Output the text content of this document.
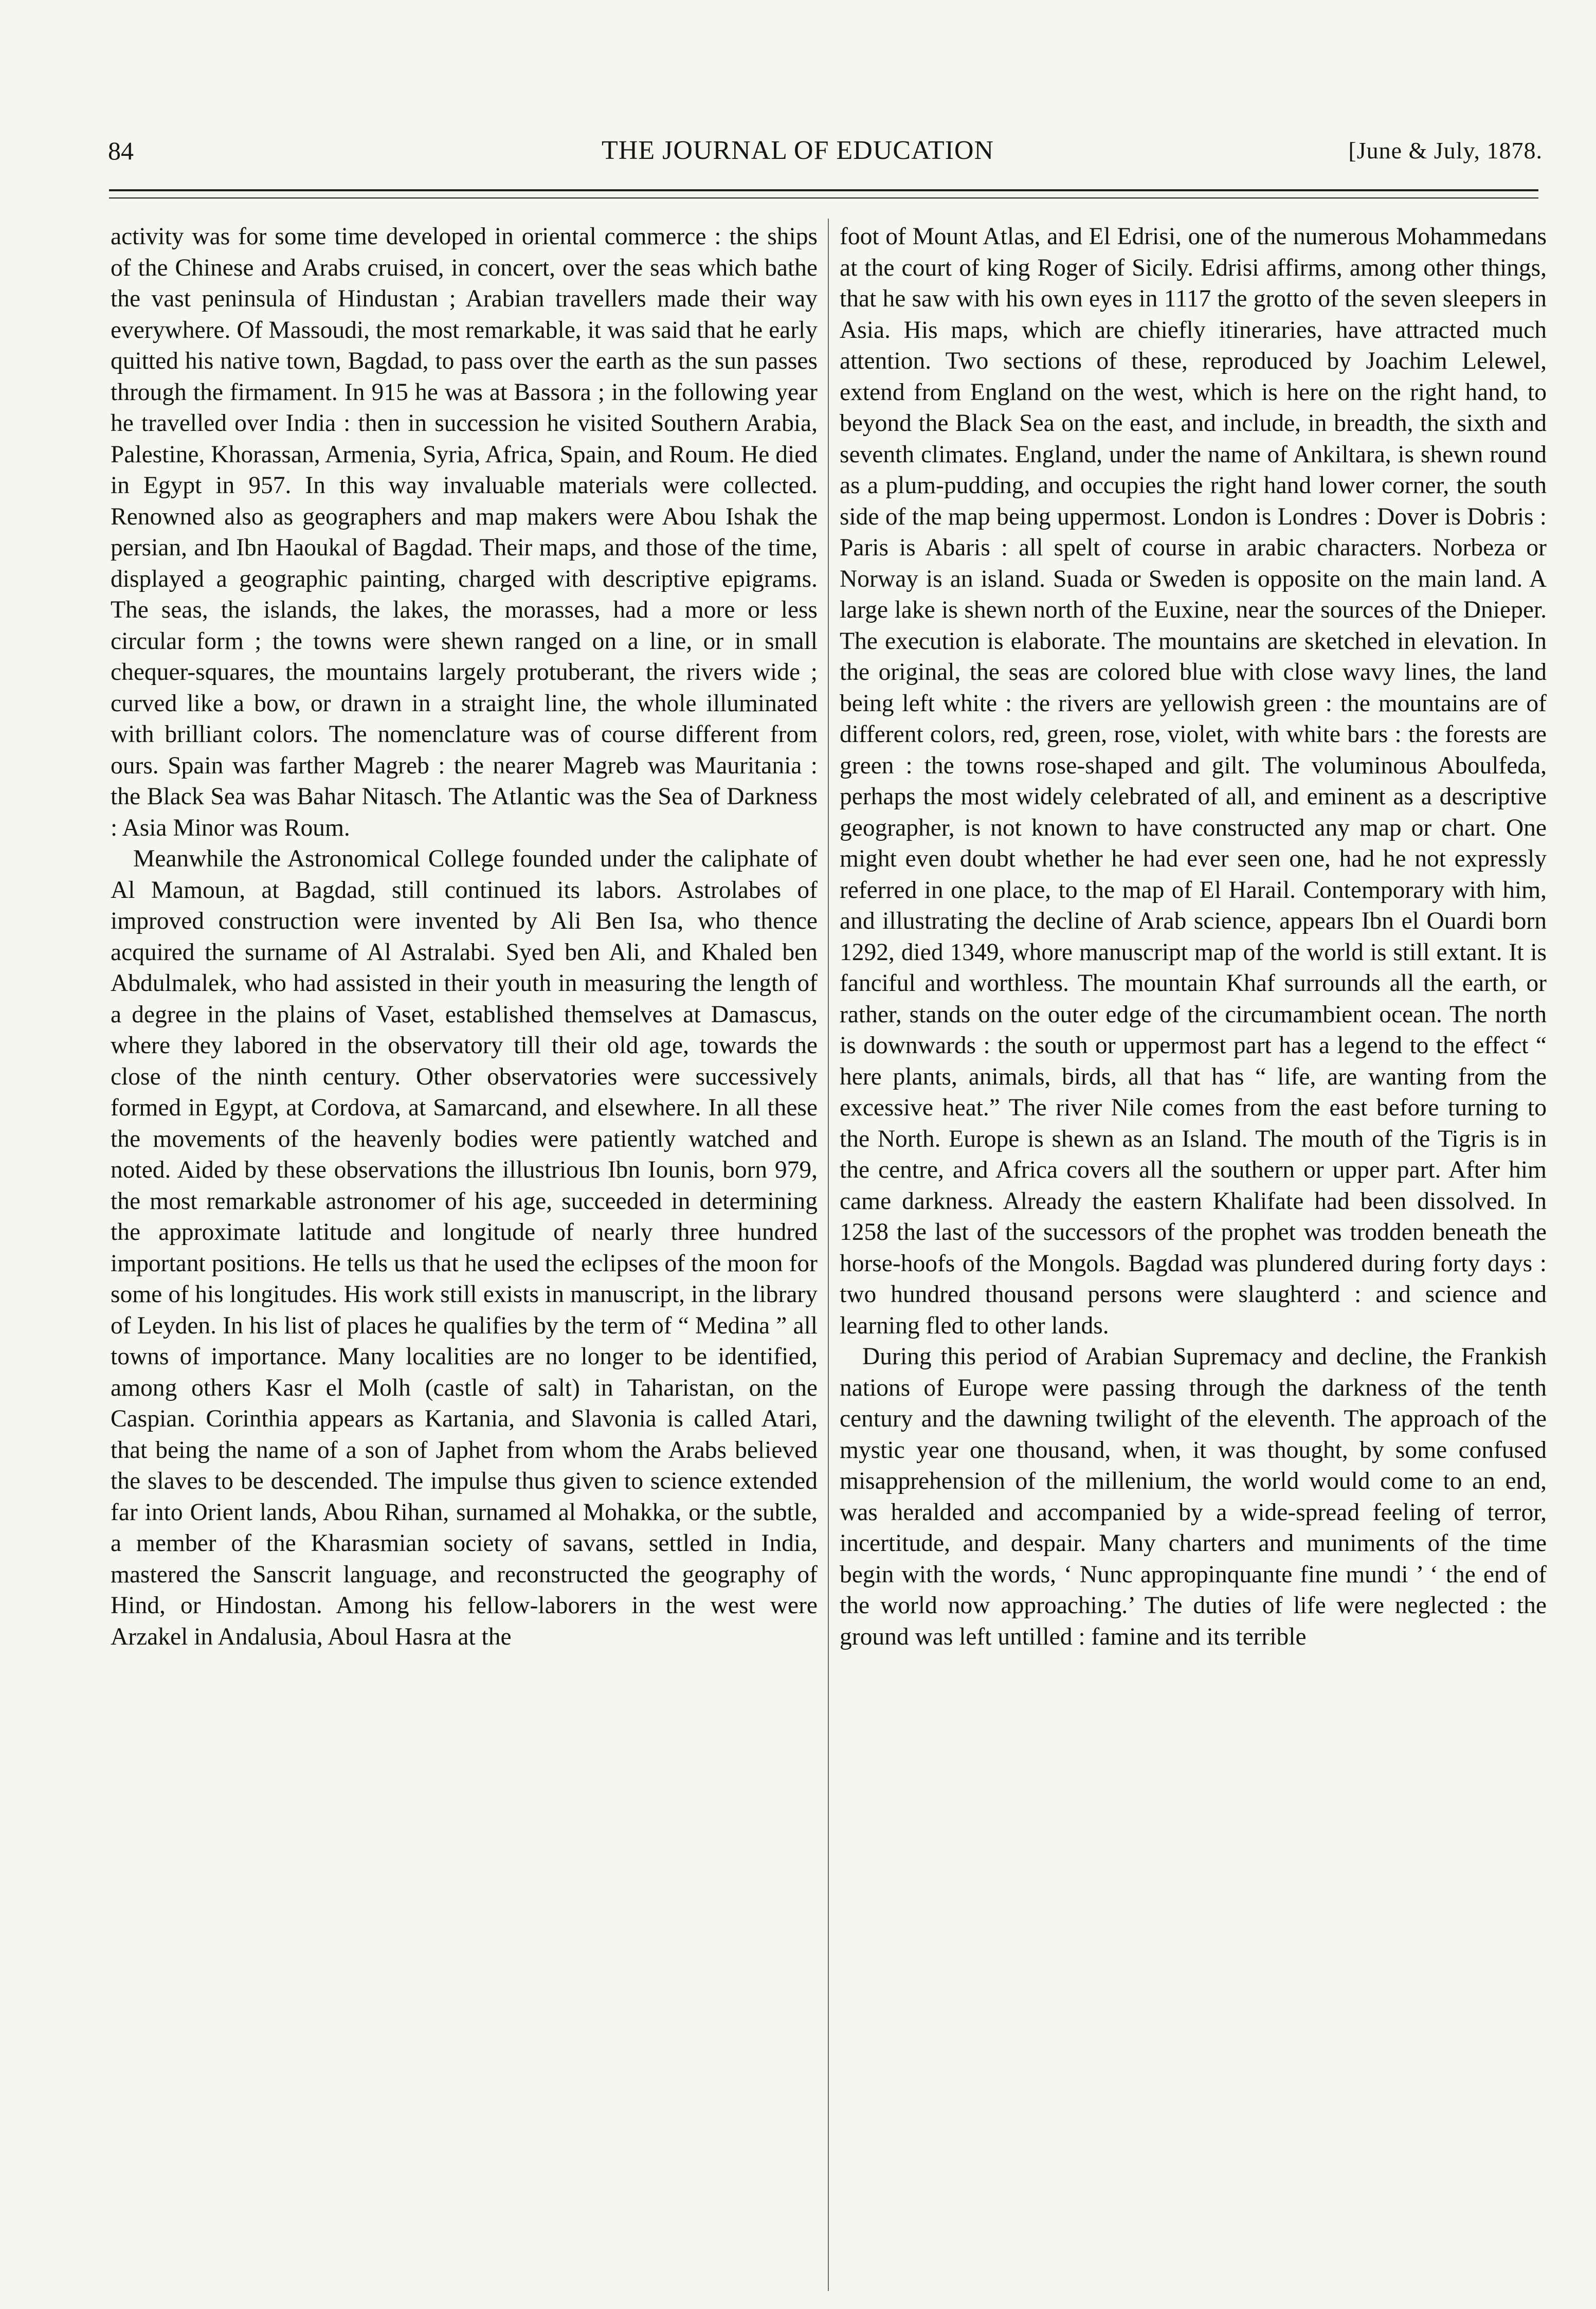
84	THE JOURNAL OF EDUCATION	[June & July, 1878.

activity was for some time developed in oriental commerce : the ships of the Chinese and Arabs cruised, in concert, over the seas which bathe the vast peninsula of Hindustan ; Arabian travellers made their way everywhere. Of Massoudi, the most remarkable, it was said that he early quitted his native town, Bagdad, to pass over the earth as the sun passes through the firmament. In 915 he was at Bassora ; in the following year he travelled over India : then in succession he visited Southern Arabia, Palestine, Khorassan, Armenia, Syria, Africa, Spain, and Roum. He died in Egypt in 957. In this way invaluable materials were collected. Renowned also as geographers and map makers were Abou Ishak the persian, and Ibn Haoukal of Bagdad. Their maps, and those of the time, displayed a geographic painting, charged with descriptive epigrams. The seas, the islands, the lakes, the morasses, had a more or less circular form ; the towns were shewn ranged on a line, or in small chequer-squares, the mountains largely protuberant, the rivers wide ; curved like a bow, or drawn in a straight line, the whole illuminated with brilliant colors. The nomenclature was of course different from ours. Spain was farther Magreb : the nearer Magreb was Mauritania : the Black Sea was Bahar Nitasch. The Atlantic was the Sea of Darkness : Asia Minor was Roum.

Meanwhile the Astronomical College founded under the caliphate of Al Mamoun, at Bagdad, still continued its labors. Astrolabes of improved construction were invented by Ali Ben Isa, who thence acquired the surname of Al Astralabi. Syed ben Ali, and Khaled ben Abdulmalek, who had assisted in their youth in measuring the length of a degree in the plains of Vaset, established themselves at Damascus, where they labored in the observatory till their old age, towards the close of the ninth century. Other observatories were successively formed in Egypt, at Cordova, at Samarcand, and elsewhere. In all these the movements of the heavenly bodies were patiently watched and noted. Aided by these observations the illustrious Ibn Iounis, born 979, the most remarkable astronomer of his age, succeeded in determining the approximate latitude and longitude of nearly three hundred important positions. He tells us that he used the eclipses of the moon for some of his longitudes. His work still exists in manuscript, in the library of Leyden. In his list of places he qualifies by the term of “ Medina ” all towns of importance. Many localities are no longer to be identified, among others Kasr el Molh (castle of salt) in Taharistan, on the Caspian. Corinthia appears as Kartania, and Slavonia is called Atari, that being the name of a son of Japhet from whom the Arabs believed the slaves to be descended. The impulse thus given to science extended far into Orient lands, Abou Rihan, surnamed al Mohakka, or the subtle, a member of the Kharasmian society of savans, settled in India, mastered the Sanscrit language, and reconstructed the geography of Hind, or Hindostan. Among his fellow-laborers in the west were Arzakel in Andalusia, Aboul Hasra at the

foot of Mount Atlas, and El Edrisi, one of the numerous Mohammedans at the court of king Roger of Sicily. Edrisi affirms, among other things, that he saw with his own eyes in 1117 the grotto of the seven sleepers in Asia. His maps, which are chiefly itineraries, have attracted much attention. Two sections of these, reproduced by Joachim Lelewel, extend from England on the west, which is here on the right hand, to beyond the Black Sea on the east, and include, in breadth, the sixth and seventh climates. England, under the name of Ankiltara, is shewn round as a plum-pudding, and occupies the right hand lower corner, the south side of the map being uppermost. London is Londres : Dover is Dobris : Paris is Abaris : all spelt of course in arabic characters. Norbeza or Norway is an island. Suada or Sweden is opposite on the main land. A large lake is shewn north of the Euxine, near the sources of the Dnieper. The execution is elaborate. The mountains are sketched in elevation. In the original, the seas are colored blue with close wavy lines, the land being left white : the rivers are yellowish green : the mountains are of different colors, red, green, rose, violet, with white bars : the forests are green : the towns rose-shaped and gilt. The voluminous Aboulfeda, perhaps the most widely celebrated of all, and eminent as a descriptive geographer, is not known to have constructed any map or chart. One might even doubt whether he had ever seen one, had he not expressly referred in one place, to the map of El Harail. Contemporary with him, and illustrating the decline of Arab science, appears Ibn el Ouardi born 1292, died 1349, whore manuscript map of the world is still extant. It is fanciful and worthless. The mountain Khaf surrounds all the earth, or rather, stands on the outer edge of the circumambient ocean. The north is downwards : the south or uppermost part has a legend to the effect “ here plants, animals, birds, all that has “ life, are wanting from the excessive heat.” The river Nile comes from the east before turning to the North. Europe is shewn as an Island. The mouth of the Tigris is in the centre, and Africa covers all the southern or upper part. After him came darkness. Already the eastern Khalifate had been dissolved. In 1258 the last of the successors of the prophet was trodden beneath the horse-hoofs of the Mongols. Bagdad was plundered during forty days : two hundred thousand persons were slaughterd : and science and learning fled to other lands.

During this period of Arabian Supremacy and decline, the Frankish nations of Europe were passing through the darkness of the tenth century and the dawning twilight of the eleventh. The approach of the mystic year one thousand, when, it was thought, by some confused misapprehension of the millenium, the world would come to an end, was heralded and accompanied by a wide-spread feeling of terror, incertitude, and despair. Many charters and muniments of the time begin with the words, ‘ Nunc appropinquante fine mundi ’ ‘ the end of the world now approaching.’ The duties of life were neglected : the ground was left untilled : famine and its terrible
